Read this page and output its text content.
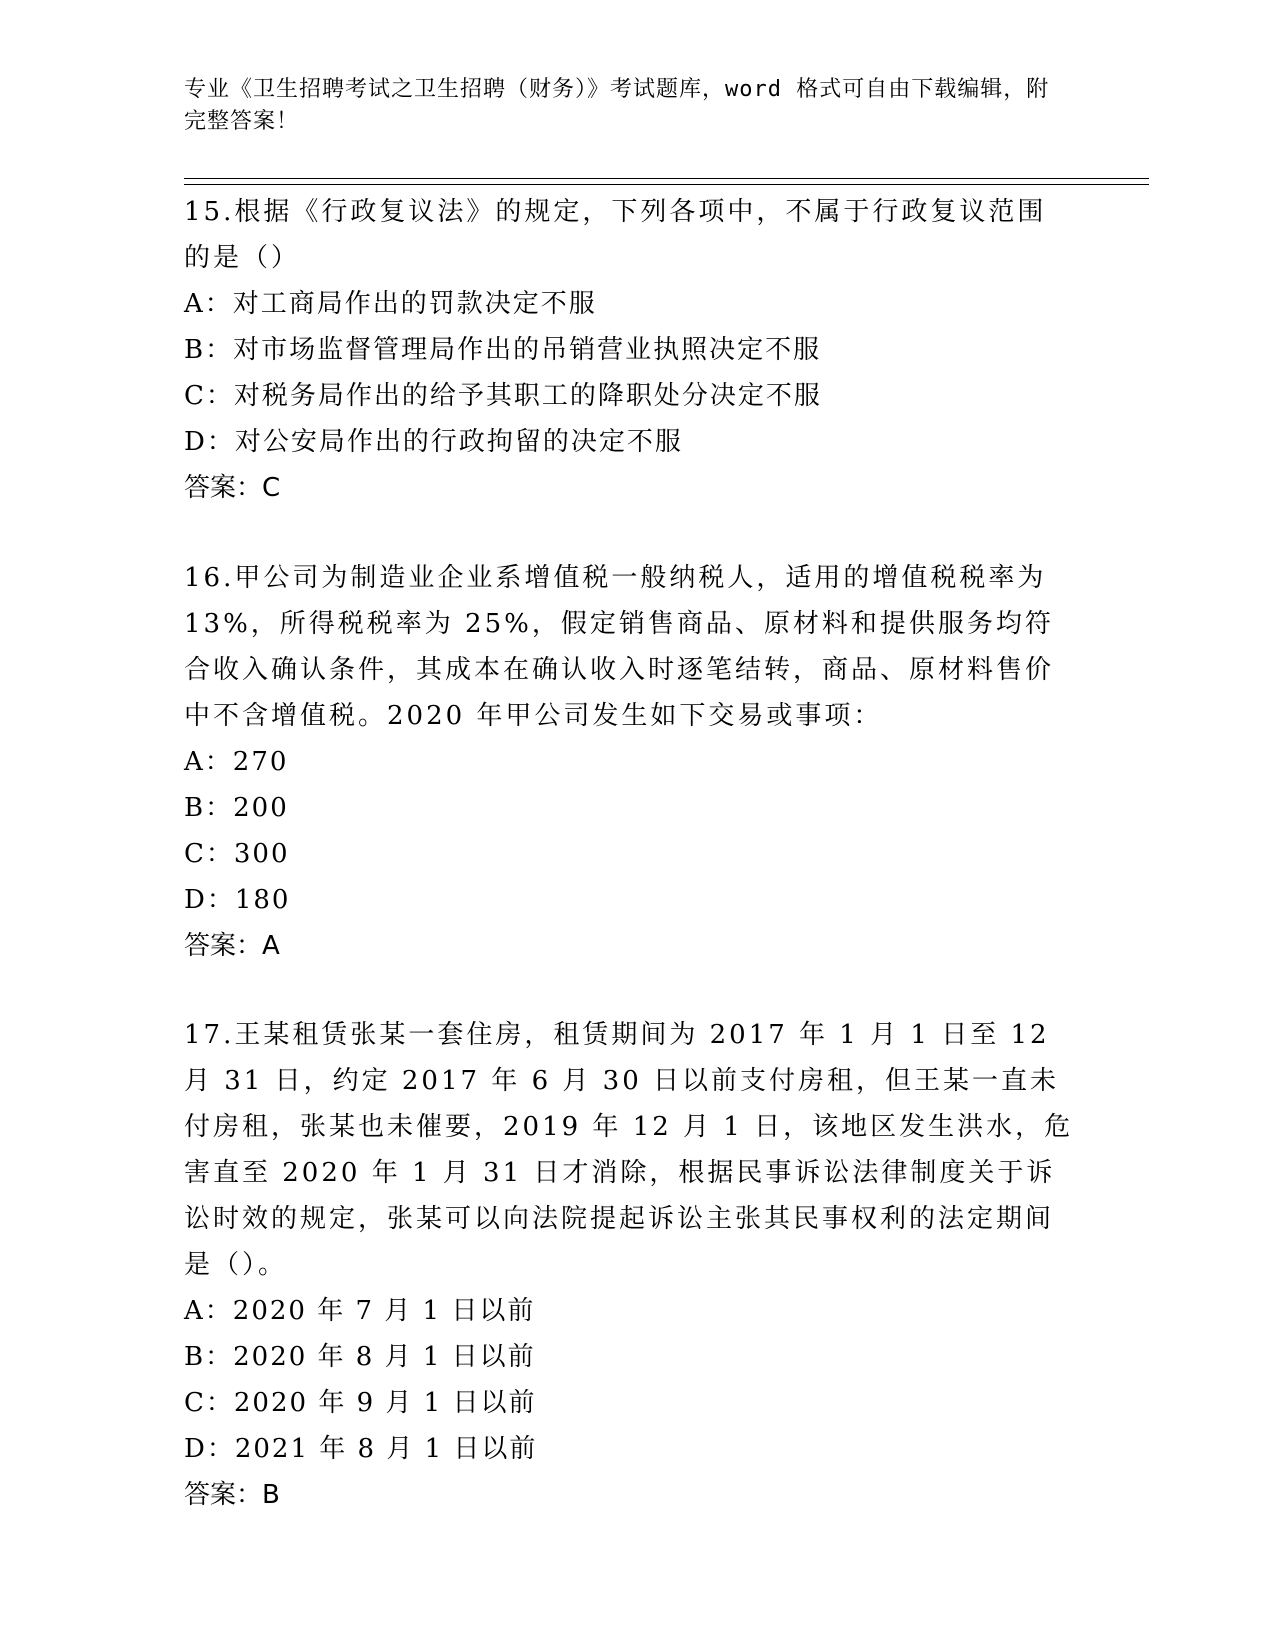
专业《卫生招聘考试之卫生招聘（财务）》考试题库，word 格式可自由下载编辑，附完整答案！

15.根据《行政复议法》的规定，下列各项中，不属于行政复议范围的是（）

A：对工商局作出的罚款决定不服

B：对市场监督管理局作出的吊销营业执照决定不服

C：对税务局作出的给予其职工的降职处分决定不服

D：对公安局作出的行政拘留的决定不服

答案：C

16.甲公司为制造业企业系增值税一般纳税人，适用的增值税税率为 13%，所得税税率为 25%，假定销售商品、原材料和提供服务均符合收入确认条件，其成本在确认收入时逐笔结转，商品、原材料售价中不含增值税。2020 年甲公司发生如下交易或事项：

A：270

B：200

C：300

D：180

答案：A

17.王某租赁张某一套住房，租赁期间为 2017 年 1 月 1 日至 12 月 31 日，约定 2017 年 6 月 30 日以前支付房租，但王某一直未付房租，张某也未催要，2019 年 12 月 1 日，该地区发生洪水，危害直至 2020 年 1 月 31 日才消除，根据民事诉讼法律制度关于诉讼时效的规定，张某可以向法院提起诉讼主张其民事权利的法定期间是（）。

A：2020 年 7 月 1 日以前

B：2020 年 8 月 1 日以前

C：2020 年 9 月 1 日以前

D：2021 年 8 月 1 日以前

答案：B
